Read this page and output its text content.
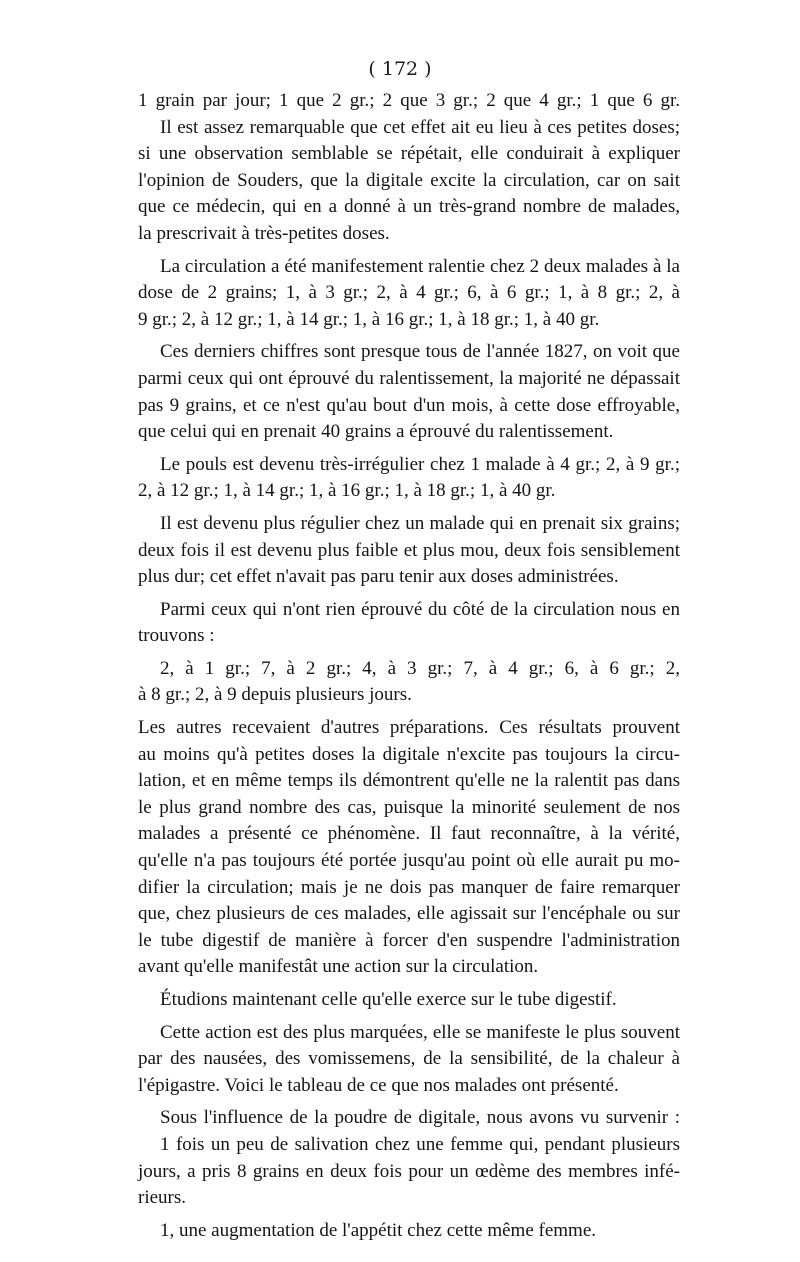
( 172 )
1 grain par jour; 1 que 2 gr.; 2 que 3 gr.; 2 que 4 gr.; 1 que 6 gr.
Il est assez remarquable que cet effet ait eu lieu à ces petites doses;
si une observation semblable se répétait, elle conduirait à expliquer
l'opinion de Souders, que la digitale excite la circulation, car on sait
que ce médecin, qui en a donné à un très-grand nombre de malades,
la prescrivait à très-petites doses.
La circulation a été manifestement ralentie chez 2 deux malades à la
dose de 2 grains; 1, à 3 gr.; 2, à 4 gr.; 6, à 6 gr.; 1, à 8 gr.; 2, à
9 gr.; 2, à 12 gr.; 1, à 14 gr.; 1, à 16 gr.; 1, à 18 gr.; 1, à 40 gr.
Ces derniers chiffres sont presque tous de l'année 1827, on voit que
parmi ceux qui ont éprouvé du ralentissement, la majorité ne dépassait
pas 9 grains, et ce n'est qu'au bout d'un mois, à cette dose effroyable,
que celui qui en prenait 40 grains a éprouvé du ralentissement.
Le pouls est devenu très-irrégulier chez 1 malade à 4 gr.; 2, à 9 gr.;
2, à 12 gr.; 1, à 14 gr.; 1, à 16 gr.; 1, à 18 gr.; 1, à 40 gr.
Il est devenu plus régulier chez un malade qui en prenait six grains;
deux fois il est devenu plus faible et plus mou, deux fois sensiblement
plus dur; cet effet n'avait pas paru tenir aux doses administrées.
Parmi ceux qui n'ont rien éprouvé du côté de la circulation nous en
trouvons :
2, à 1 gr.; 7, à 2 gr.; 4, à 3 gr.; 7, à 4 gr.; 6, à 6 gr.; 2,
à 8 gr.; 2, à 9 depuis plusieurs jours.
Les autres recevaient d'autres préparations. Ces résultats prouvent
au moins qu'à petites doses la digitale n'excite pas toujours la circu-
lation, et en même temps ils démontrent qu'elle ne la ralentit pas dans
le plus grand nombre des cas, puisque la minorité seulement de nos
malades a présenté ce phénomène. Il faut reconnaître, à la vérité,
qu'elle n'a pas toujours été portée jusqu'au point où elle aurait pu mo-
difier la circulation; mais je ne dois pas manquer de faire remarquer
que, chez plusieurs de ces malades, elle agissait sur l'encéphale ou sur
le tube digestif de manière à forcer d'en suspendre l'administration
avant qu'elle manifestât une action sur la circulation.
Étudions maintenant celle qu'elle exerce sur le tube digestif.
Cette action est des plus marquées, elle se manifeste le plus souvent
par des nausées, des vomissemens, de la sensibilité, de la chaleur à
l'épigastre. Voici le tableau de ce que nos malades ont présenté.
Sous l'influence de la poudre de digitale, nous avons vu survenir :
1 fois un peu de salivation chez une femme qui, pendant plusieurs
jours, a pris 8 grains en deux fois pour un œdème des membres infé-
rieurs.
1, une augmentation de l'appétit chez cette même femme.
